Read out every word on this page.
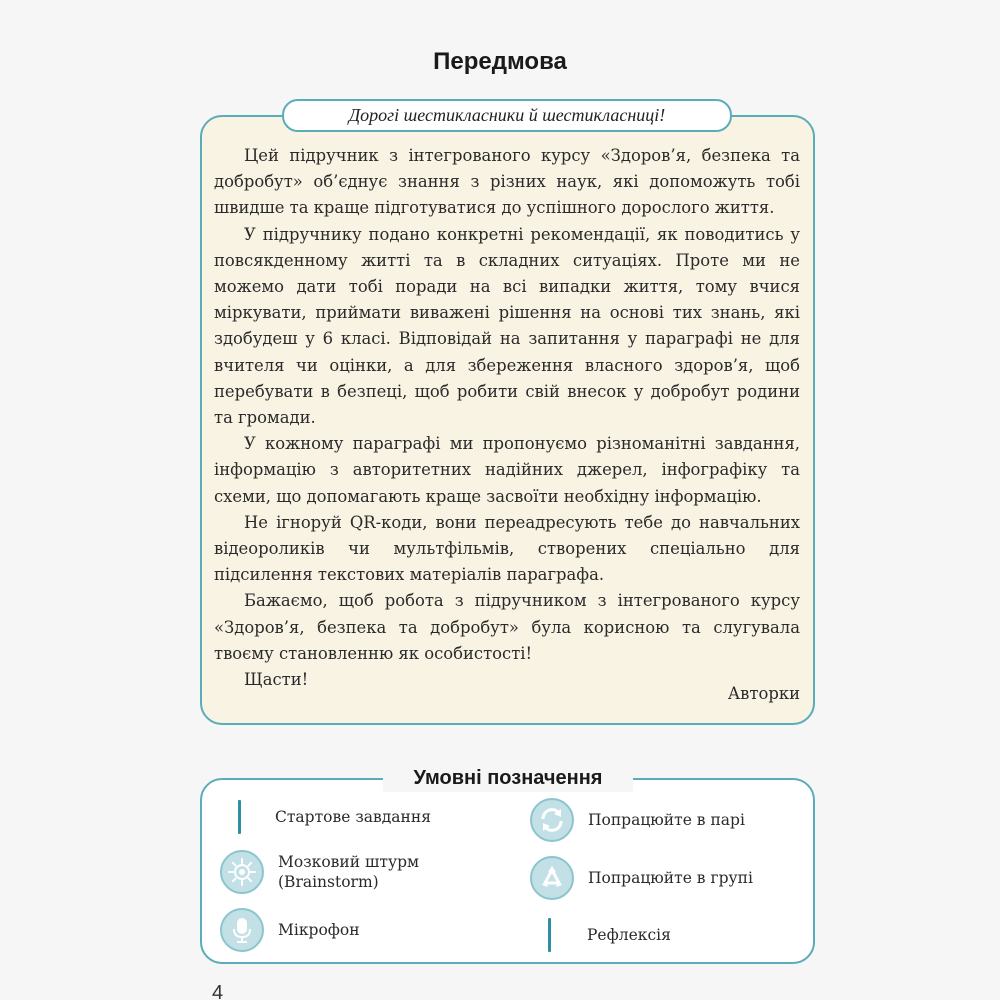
Передмова
Дорогі шестикласники й шестикласниці!

Цей підручник з інтегрованого курсу «Здоров’я, безпека та добробут» об’єднує знання з різних наук, які допоможуть тобі швидше та краще підготуватися до успішного дорослого життя.

У підручнику подано конкретні рекомендації, як поводитись у повсякденному житті та в складних ситуаціях. Проте ми не можемо дати тобі поради на всі випадки життя, тому вчися міркувати, приймати виважені рішення на основі тих знань, які здобудеш у 6 класі. Відповідай на запитання у параграфі не для вчителя чи оцінки, а для збереження власного здоров’я, щоб перебувати в безпеці, щоб робити свій внесок у добробут родини та громади.

У кожному параграфі ми пропонуємо різноманітні завдання, інформацію з авторитетних надійних джерел, інфографіку та схеми, що допомагають краще засвоїти необхідну інформацію.

Не ігноруй QR-коди, вони переадресують тебе до навчальних відеороликів чи мультфільмів, створених спеціально для підсилення текстових матеріалів параграфа.

Бажаємо, щоб робота з підручником з інтегрованого курсу «Здоров’я, безпека та добробут» була корисною та слугувала твоєму становленню як особистості!

Щасти!

Авторки
Умовні позначення
Стартове завдання
Мозковий штурм (Brainstorm)
Мікрофон
Попрацюйте в парі
Попрацюйте в групі
Рефлексія
4
